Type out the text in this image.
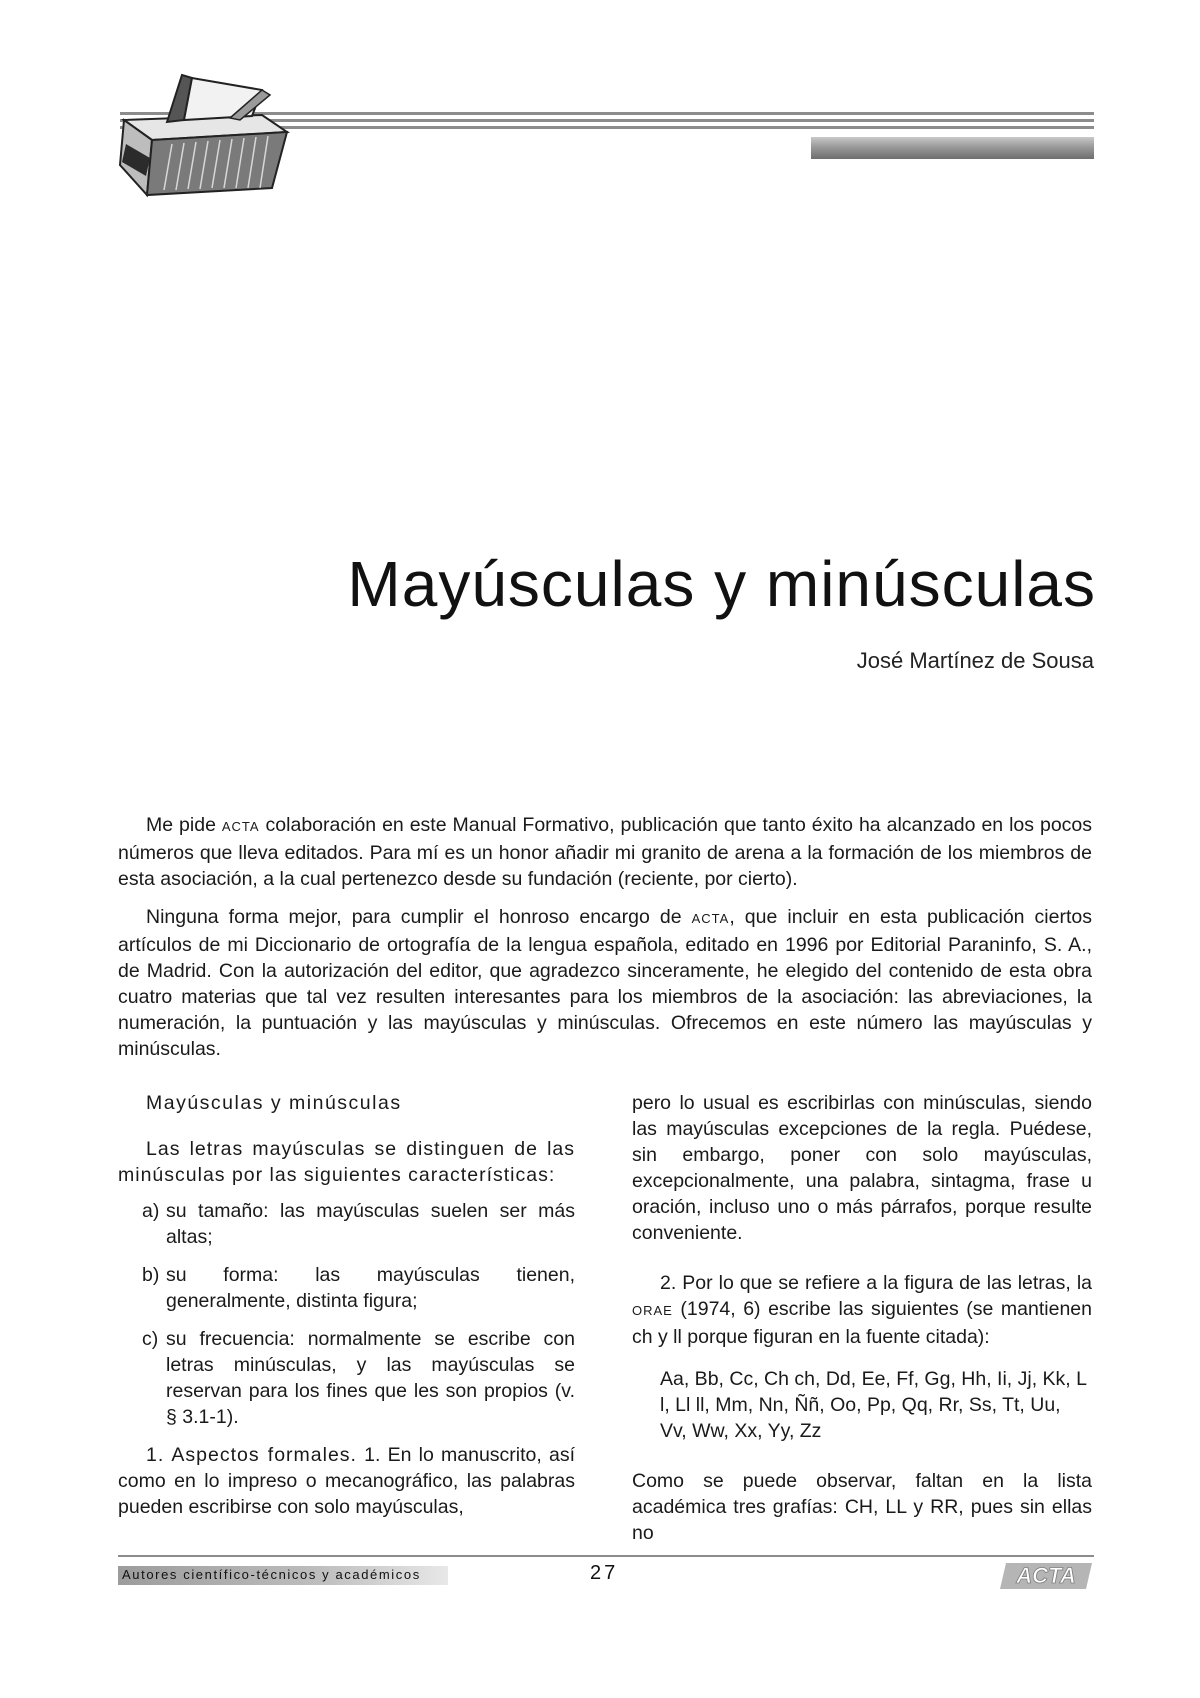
Mayúsculas y minúsculas
José Martínez de Sousa

Me pide ACTA colaboración en este Manual Formativo, publicación que tanto éxito ha alcanzado en los pocos números que lleva editados. Para mí es un honor añadir mi granito de arena a la formación de los miembros de esta asociación, a la cual pertenezco desde su fundación (reciente, por cierto).

Ninguna forma mejor, para cumplir el honroso encargo de ACTA, que incluir en esta publicación ciertos artículos de mi Diccionario de ortografía de la lengua española, editado en 1996 por Editorial Paraninfo, S. A., de Madrid. Con la autorización del editor, que agradezco sinceramente, he elegido del contenido de esta obra cuatro materias que tal vez resulten interesantes para los miembros de la asociación: las abreviaciones, la numeración, la puntuación y las mayúsculas y minúsculas. Ofrecemos en este número las mayúsculas y minúsculas.

Mayúsculas y minúsculas

Las letras mayúsculas se distinguen de las minúsculas por las siguientes características:

a) su tamaño: las mayúsculas suelen ser más altas;
b) su forma: las mayúsculas tienen, generalmente, distinta figura;
c) su frecuencia: normalmente se escribe con letras minúsculas, y las mayúsculas se reservan para los fines que les son propios (v. § 3.1-1).

1. Aspectos formales. 1. En lo manuscrito, así como en lo impreso o mecanográfico, las palabras pueden escribirse con solo mayúsculas,

pero lo usual es escribirlas con minúsculas, siendo las mayúsculas excepciones de la regla. Puédese, sin embargo, poner con solo mayúsculas, excepcionalmente, una palabra, sintagma, frase u oración, incluso uno o más párrafos, porque resulte conveniente.

2. Por lo que se refiere a la figura de las letras, la ORAE (1974, 6) escribe las siguientes (se mantienen ch y ll porque figuran en la fuente citada):

Aa, Bb, Cc, Ch ch, Dd, Ee, Ff, Gg, Hh, Ii, Jj, Kk, L l, Ll ll, Mm, Nn, Ññ, Oo, Pp, Qq, Rr, Ss, Tt, Uu, Vv, Ww, Xx, Yy, Zz

Como se puede observar, faltan en la lista académica tres grafías: CH, LL y RR, pues sin ellas no

Autores científico-técnicos y académicos	27	ACTA
